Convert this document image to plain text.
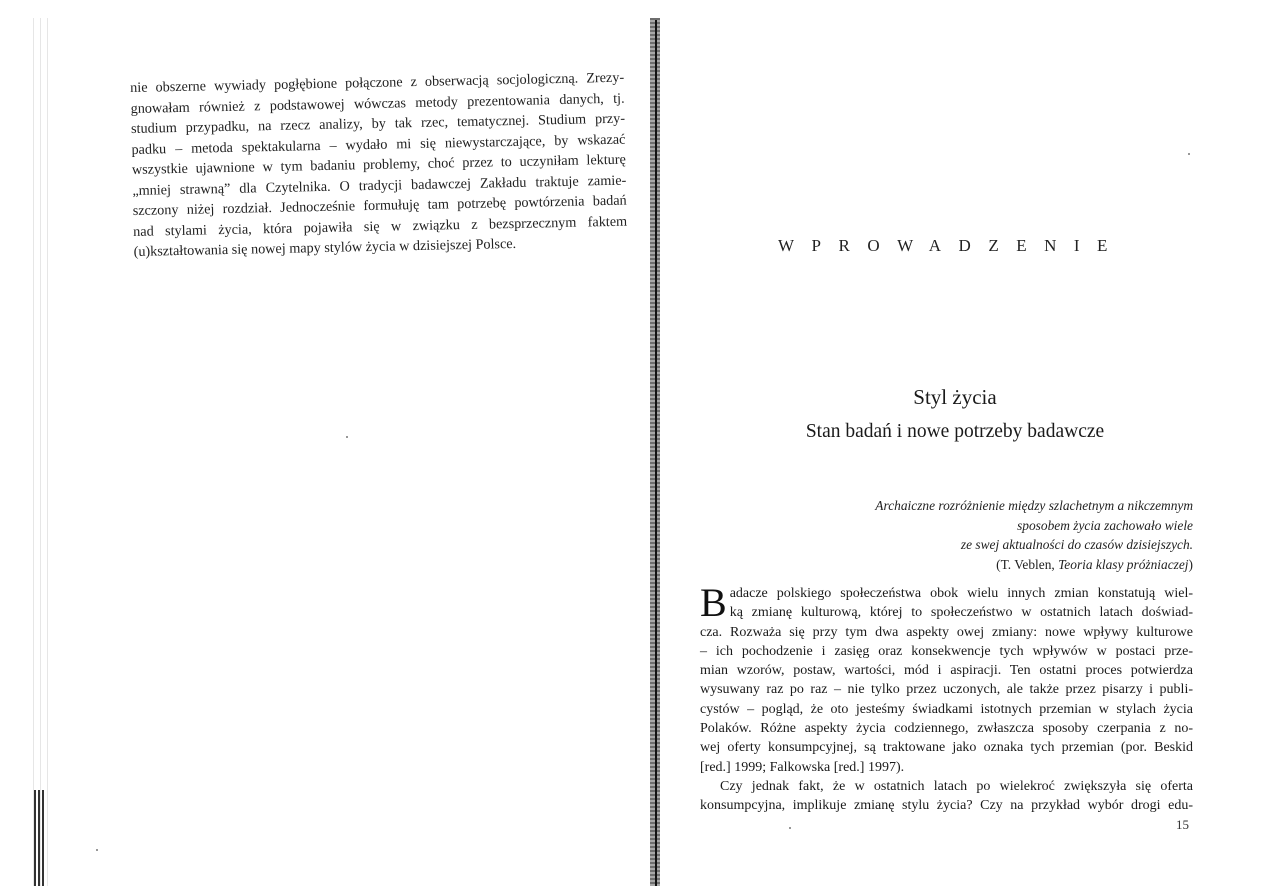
nie obszerne wywiady pogłębione połączone z obserwacją socjologiczną. Zrezy-
gnowałam również z podstawowej wówczas metody prezentowania danych, tj.
studium przypadku, na rzecz analizy, by tak rzec, tematycznej. Studium przy-
padku – metoda spektakularna – wydało mi się niewystarczające, by wskazać
wszystkie ujawnione w tym badaniu problemy, choć przez to uczyniłam lekturę
„mniej strawną” dla Czytelnika. O tradycji badawczej Zakładu traktuje zamie-
szczony niżej rozdział. Jednocześnie formułuję tam potrzebę powtórzenia badań
nad stylami życia, która pojawiła się w związku z bezsprzecznym faktem
(u)kształtowania się nowej mapy stylów życia w dzisiejszej Polsce.	WPROWADZENIE
Styl życia
Stan badań i nowe potrzeby badawcze
Archaiczne rozróżnienie między szlachetnym a nikczemnym
sposobem życia zachowało wiele
ze swej aktualności do czasów dzisiejszych.
(T. Veblen, Teoria klasy próżniaczej)
B adacze polskiego społeczeństwa obok wielu innych zmian konstatują wiel-
ką zmianę kulturową, której to społeczeństwo w ostatnich latach doświad-
cza. Rozważa się przy tym dwa aspekty owej zmiany: nowe wpływy kulturowe
– ich pochodzenie i zasięg oraz konsekwencje tych wpływów w postaci prze-
mian wzorów, postaw, wartości, mód i aspiracji. Ten ostatni proces potwierdza
wysuwany raz po raz – nie tylko przez uczonych, ale także przez pisarzy i publi-
cystów – pogląd, że oto jesteśmy świadkami istotnych przemian w stylach życia
Polaków. Różne aspekty życia codziennego, zwłaszcza sposoby czerpania z no-
wej oferty konsumpcyjnej, są traktowane jako oznaka tych przemian (por. Beskid
[red.] 1999; Falkowska [red.] 1997).
Czy jednak fakt, że w ostatnich latach po wielekroć zwiększyła się oferta
konsumpcyjna, implikuje zmianę stylu życia? Czy na przykład wybór drogi edu-
15
